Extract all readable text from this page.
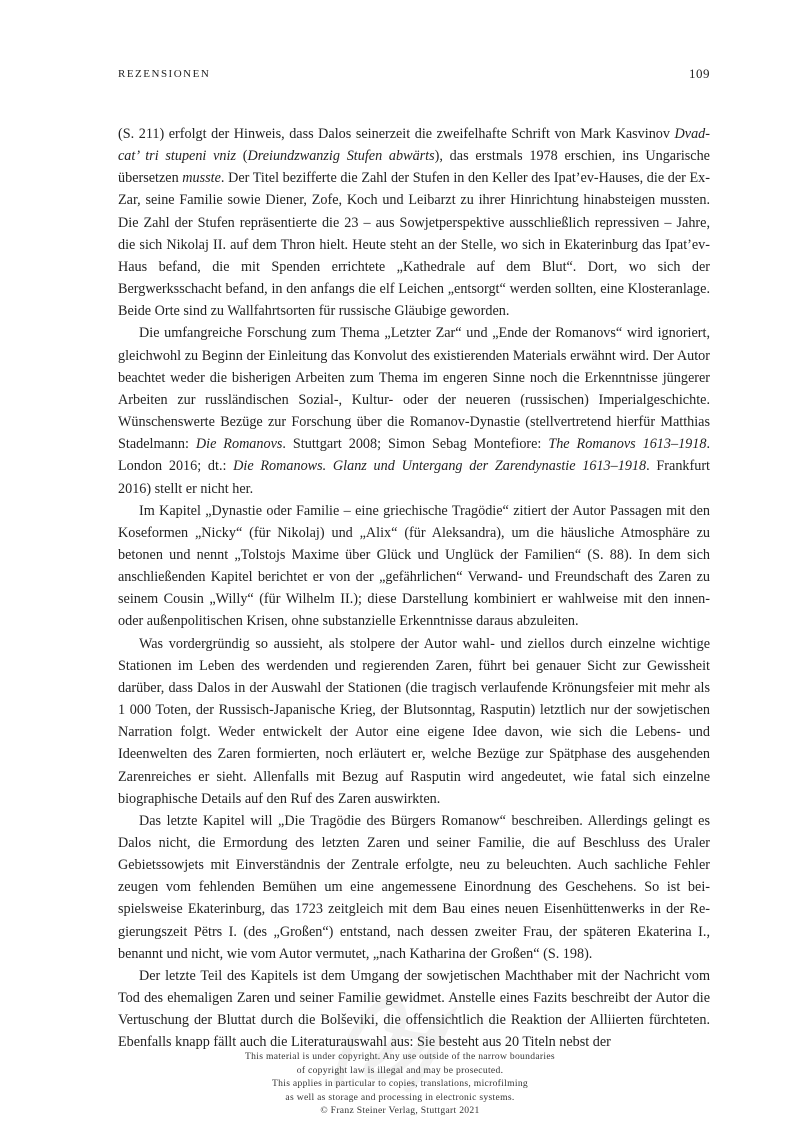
REZENSIONEN	109

(S. 211) erfolgt der Hinweis, dass Dalos seinerzeit die zweifelhafte Schrift von Mark Kasvinov Dvadcat’ tri stupeni vniz (Dreiundzwanzig Stufen abwärts), das erstmals 1978 erschien, ins Ungarische übersetzen musste. Der Titel bezifferte die Zahl der Stufen in den Keller des Ipat’ev-Hauses, die der Ex-Zar, seine Familie sowie Diener, Zofe, Koch und Leibarzt zu ihrer Hinrichtung hinabsteigen mussten. Die Zahl der Stufen repräsentierte die 23 – aus Sowjetperspektive ausschließlich repressiven – Jahre, die sich Nikolaj II. auf dem Thron hielt. Heute steht an der Stelle, wo sich in Ekaterinburg das Ipat’ev-Haus befand, die mit Spenden errichtete „Kathedrale auf dem Blut“. Dort, wo sich der Bergwerksschacht befand, in den anfangs die elf Leichen „entsorgt“ werden sollten, eine Klosteranlage. Beide Orte sind zu Wallfahrtsorten für russische Gläubige geworden.

Die umfangreiche Forschung zum Thema „Letzter Zar“ und „Ende der Romanovs“ wird ignoriert, gleichwohl zu Beginn der Einleitung das Konvolut des existierenden Materials erwähnt wird. Der Autor beachtet weder die bisherigen Arbeiten zum Thema im engeren Sinne noch die Erkenntnisse jüngerer Arbeiten zur russländischen Sozial-, Kultur- oder der neueren (russischen) Imperialgeschichte. Wünschenswerte Bezüge zur Forschung über die Romanov-Dynastie (stellvertretend hierfür Matthias Stadelmann: Die Romanovs. Stuttgart 2008; Simon Sebag Montefiore: The Romanovs 1613–1918. London 2016; dt.: Die Romanows. Glanz und Untergang der Zarendynastie 1613–1918. Frankfurt 2016) stellt er nicht her.

Im Kapitel „Dynastie oder Familie – eine griechische Tragödie“ zitiert der Autor Passagen mit den Koseformen „Nicky“ (für Nikolaj) und „Alix“ (für Aleksandra), um die häusliche Atmosphäre zu betonen und nennt „Tolstojs Maxime über Glück und Unglück der Familien“ (S. 88). In dem sich anschließenden Kapitel berichtet er von der „gefährlichen“ Verwand- und Freundschaft des Zaren zu seinem Cousin „Willy“ (für Wilhelm II.); diese Darstellung kombiniert er wahlweise mit den innen- oder außenpolitischen Krisen, ohne substanzielle Erkenntnisse daraus abzuleiten.

Was vordergründig so aussieht, als stolpere der Autor wahl- und ziellos durch einzelne wichtige Stationen im Leben des werdenden und regierenden Zaren, führt bei genauer Sicht zur Gewissheit darüber, dass Dalos in der Auswahl der Stationen (die tragisch verlaufende Krönungsfeier mit mehr als 1 000 Toten, der Russisch-Japanische Krieg, der Blutsonntag, Rasputin) letztlich nur der sowjetischen Narration folgt. Weder entwickelt der Autor eine eigene Idee davon, wie sich die Lebens- und Ideenwelten des Zaren formierten, noch erläutert er, welche Bezüge zur Spätphase des ausgehenden Zarenreiches er sieht. Allenfalls mit Bezug auf Rasputin wird angedeutet, wie fatal sich einzelne biographische Details auf den Ruf des Zaren auswirkten.

Das letzte Kapitel will „Die Tragödie des Bürgers Romanow“ beschreiben. Allerdings gelingt es Dalos nicht, die Ermordung des letzten Zaren und seiner Familie, die auf Beschluss des Uraler Gebietssowjets mit Einverständnis der Zentrale erfolgte, neu zu beleuchten. Auch sachliche Fehler zeugen vom fehlenden Bemühen um eine angemessene Einordnung des Geschehens. So ist beispielsweise Ekaterinburg, das 1723 zeitgleich mit dem Bau eines neuen Eisenhüttenwerks in der Regierungszeit Pëtrs I. (des „Großen“) entstand, nach dessen zweiter Frau, der späteren Ekaterina I., benannt und nicht, wie vom Autor vermutet, „nach Katharina der Großen“ (S. 198).

Der letzte Teil des Kapitels ist dem Umgang der sowjetischen Machthaber mit der Nachricht vom Tod des ehemaligen Zaren und seiner Familie gewidmet. Anstelle eines Fazits beschreibt der Autor die Vertuschung der Bluttat durch die Bolševiki, die offensichtlich die Reaktion der Alliierten fürchteten. Ebenfalls knapp fällt auch die Literaturauswahl aus: Sie besteht aus 20 Titeln nebst der

This material is under copyright. Any use outside of the narrow boundaries
of copyright law is illegal and may be prosecuted.
This applies in particular to copies, translations, microfilming
as well as storage and processing in electronic systems.
© Franz Steiner Verlag, Stuttgart 2021
